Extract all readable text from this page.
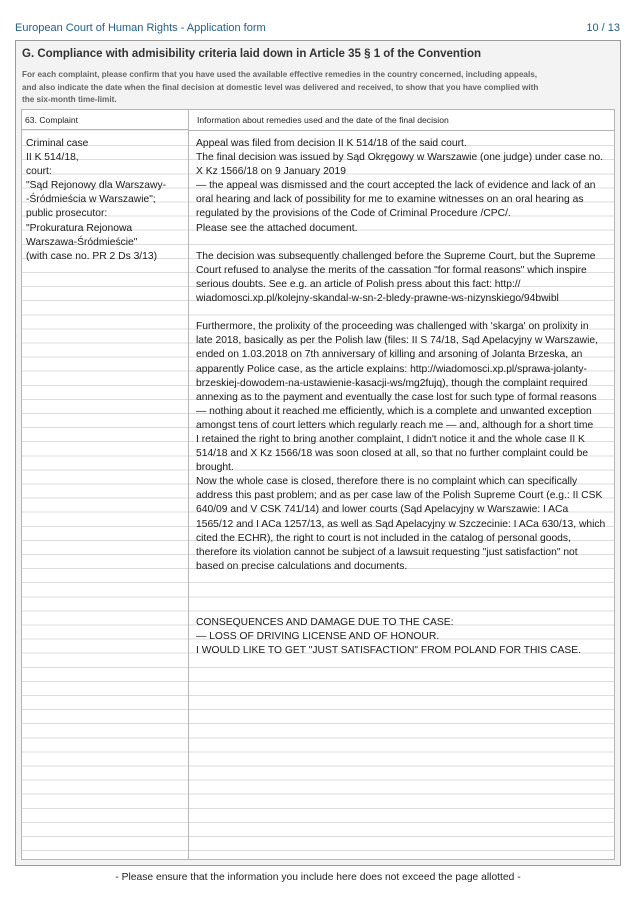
European Court of Human Rights - Application form	10 / 13
G. Compliance with admisibility criteria laid down in Article 35 § 1 of the Convention
For each complaint, please confirm that you have used the available effective remedies in the country concerned, including appeals,
and also indicate the date when the final decision at domestic level was delivered and received, to show that you have complied with
the six-month time-limit.
63. Complaint	Information about remedies used and the date of the final decision
Criminal case
II K 514/18,
court:
"Sąd Rejonowy dla Warszawy-
-Śródmieścia w Warszawie";
public prosecutor:
"Prokuratura Rejonowa
Warszawa-Śródmieście"
(with case no. PR 2 Ds 3/13)
Appeal was filed from decision II K 514/18 of the said court.
The final decision was issued by Sąd Okręgowy w Warszawie (one judge) under case no.
X Kz 1566/18 on 9 January 2019
— the appeal was dismissed and the court accepted the lack of evidence and lack of an
oral hearing and lack of possibility for me to examine witnesses on an oral hearing as
regulated by the provisions of the Code of Criminal Procedure /CPC/.
Please see the attached document.
The decision was subsequently challenged before the Supreme Court, but the Supreme
Court refused to analyse the merits of the cassation "for formal reasons" which inspire
serious doubts. See e.g. an article of Polish press about this fact: http://
wiadomosci.xp.pl/kolejny-skandal-w-sn-2-bledy-prawne-ws-nizynskiego/94bwibl
Furthermore, the prolixity of the proceeding was challenged with 'skarga' on prolixity in
late 2018, basically as per the Polish law (files: II S 74/18, Sąd Apelacyjny w Warszawie,
ended on 1.03.2018 on 7th anniversary of killing and arsoning of Jolanta Brzeska, an
apparently Police case, as the article explains: http://wiadomosci.xp.pl/sprawa-jolanty-
brzeskiej-dowodem-na-ustawienie-kasacji-ws/mg2fujq), though the complaint required
annexing as to the payment and eventually the case lost for such type of formal reasons
— nothing about it reached me efficiently, which is a complete and unwanted exception
amongst tens of court letters which regularly reach me — and, although for a short time
I retained the right to bring another complaint, I didn't notice it and the whole case II K
514/18 and X Kz 1566/18 was soon closed at all, so that no further complaint could be
brought.
Now the whole case is closed, therefore there is no complaint which can specifically
address this past problem; and as per case law of the Polish Supreme Court (e.g.: II CSK
640/09 and V CSK 741/14) and lower courts (Sąd Apelacyjny w Warszawie: I ACa
1565/12 and I ACa 1257/13, as well as Sąd Apelacyjny w Szczecinie: I ACa 630/13, which
cited the ECHR), the right to court is not included in the catalog of personal goods,
therefore its violation cannot be subject of a lawsuit requesting "just satisfaction" not
based on precise calculations and documents.
CONSEQUENCES AND DAMAGE DUE TO THE CASE:
— LOSS OF DRIVING LICENSE AND OF HONOUR.
I WOULD LIKE TO GET "JUST SATISFACTION" FROM POLAND FOR THIS CASE.
- Please ensure that the information you include here does not exceed the page allotted -
